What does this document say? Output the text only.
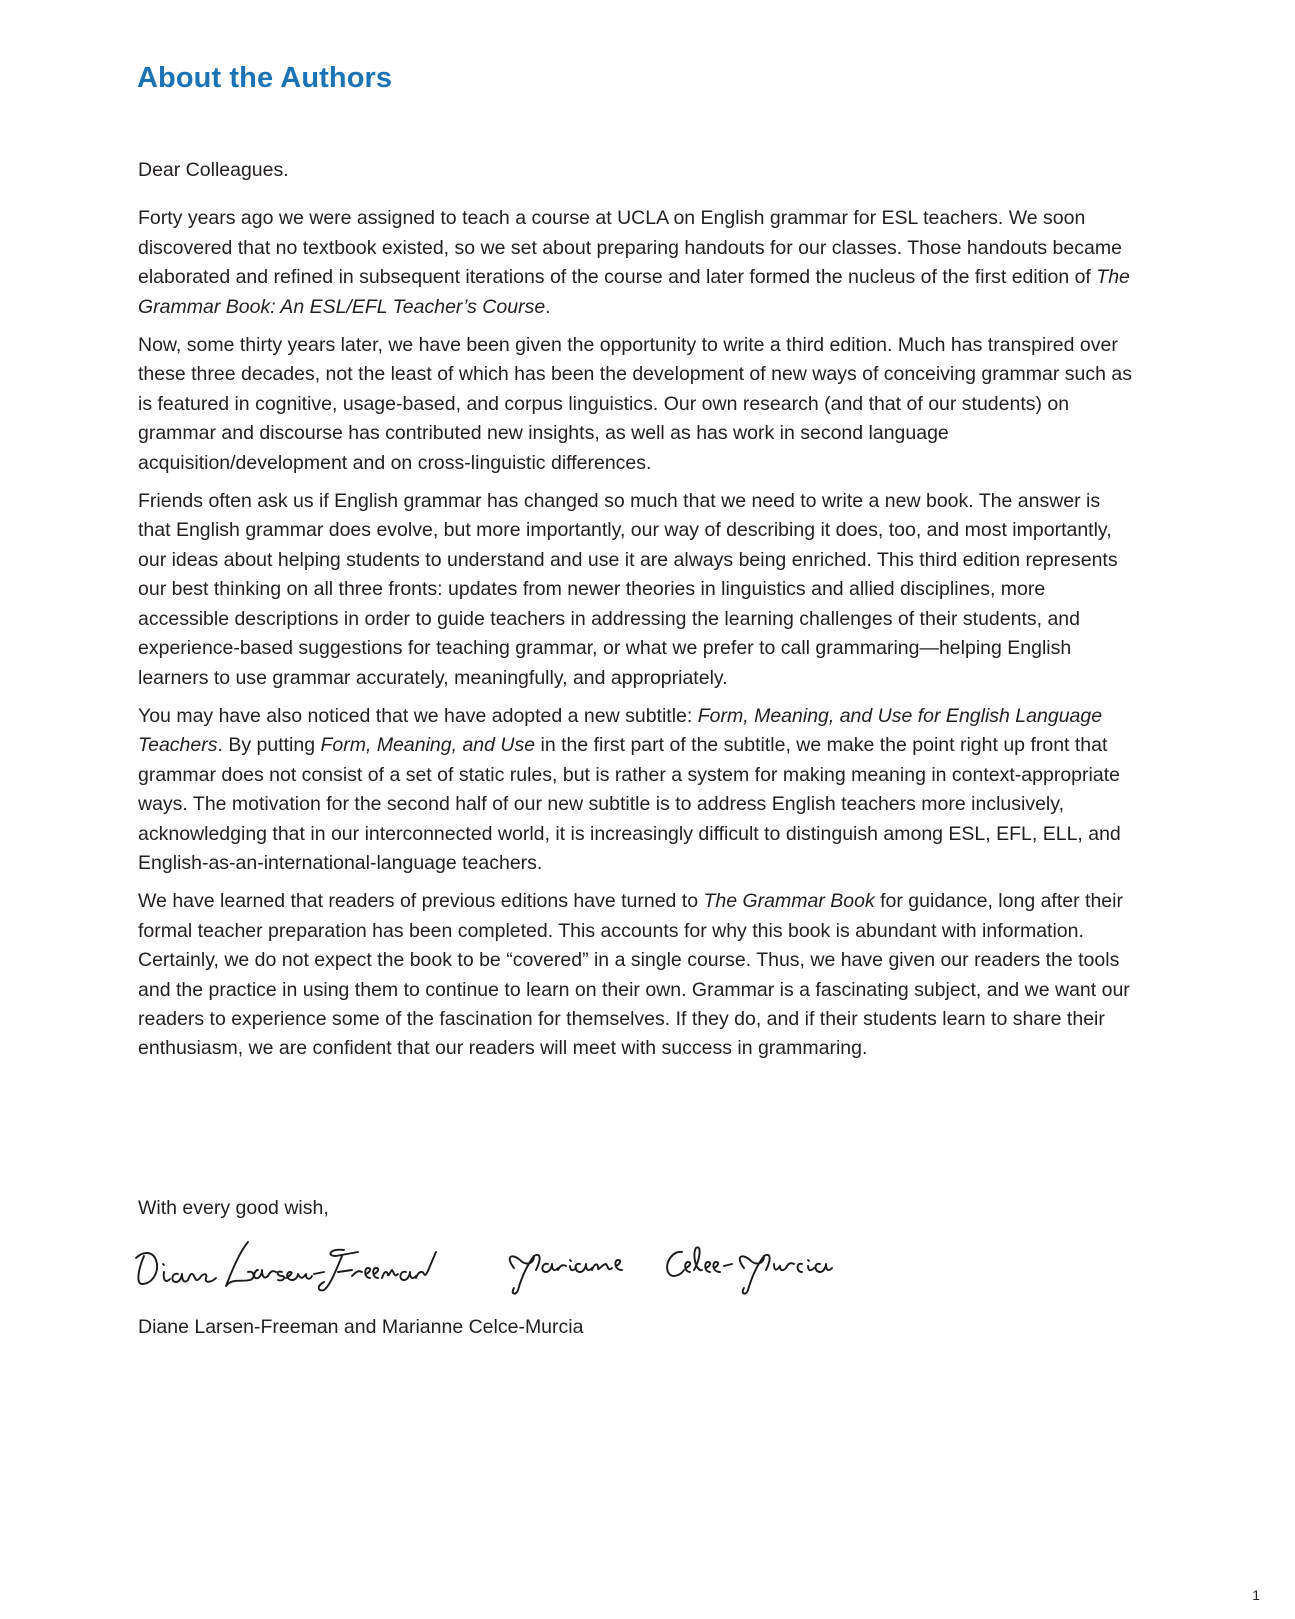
About the Authors

Dear Colleagues.

Forty years ago we were assigned to teach a course at UCLA on English grammar for ESL teachers. We soon discovered that no textbook existed, so we set about preparing handouts for our classes. Those handouts became elaborated and refined in subsequent iterations of the course and later formed the nucleus of the first edition of The Grammar Book: An ESL/EFL Teacher’s Course.

Now, some thirty years later, we have been given the opportunity to write a third edition. Much has transpired over these three decades, not the least of which has been the development of new ways of conceiving grammar such as is featured in cognitive, usage-based, and corpus linguistics. Our own research (and that of our students) on grammar and discourse has contributed new insights, as well as has work in second language acquisition/development and on cross-linguistic differences.

Friends often ask us if English grammar has changed so much that we need to write a new book. The answer is that English grammar does evolve, but more importantly, our way of describing it does, too, and most importantly, our ideas about helping students to understand and use it are always being enriched. This third edition represents our best thinking on all three fronts: updates from newer theories in linguistics and allied disciplines, more accessible descriptions in order to guide teachers in addressing the learning challenges of their students, and experience-based suggestions for teaching grammar, or what we prefer to call grammaring—helping English learners to use grammar accurately, meaningfully, and appropriately.

You may have also noticed that we have adopted a new subtitle: Form, Meaning, and Use for English Language Teachers. By putting Form, Meaning, and Use in the first part of the subtitle, we make the point right up front that grammar does not consist of a set of static rules, but is rather a system for making meaning in context-appropriate ways. The motivation for the second half of our new subtitle is to address English teachers more inclusively, acknowledging that in our interconnected world, it is increasingly difficult to distinguish among ESL, EFL, ELL, and English-as-an-international-language teachers.

We have learned that readers of previous editions have turned to The Grammar Book for guidance, long after their formal teacher preparation has been completed. This accounts for why this book is abundant with information. Certainly, we do not expect the book to be “covered” in a single course. Thus, we have given our readers the tools and the practice in using them to continue to learn on their own. Grammar is a fascinating subject, and we want our readers to experience some of the fascination for themselves. If they do, and if their students learn to share their enthusiasm, we are confident that our readers will meet with success in grammaring.

With every good wish,

Diane Larsen-Freeman and Marianne Celce-Murcia

1
